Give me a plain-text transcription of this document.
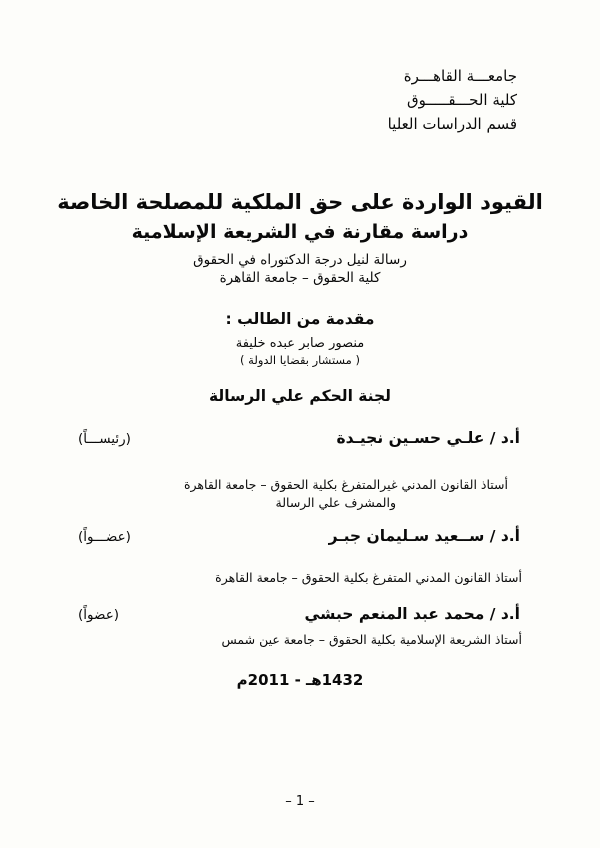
جامعـــة القاهـــرة
كلية الحـــقـــــوق
قسم الدراسات العليا
القيود الواردة على حق الملكية للمصلحة الخاصة
دراسة مقارنة في الشريعة الإسلامية
رسالة لنيل درجة الدكتوراه في الحقوق
كلية الحقوق – جامعة القاهرة
مقدمة من الطالب :
منصور صابر عبده خليفة
( مستشار بقضايا الدولة )
لجنة الحكم علي الرسالة
أ.د / علـي حسـين نجيـدة
(رئيســـاً)
أستاذ القانون المدني غيرالمتفرغ بكلية الحقوق – جامعة القاهرة
والمشرف علي الرسالة
أ.د / ســعيد سـليمان جبـر
(عضـــواً)
أستاذ القانون المدني المتفرغ بكلية الحقوق – جامعة القاهرة
أ.د / محمد عبد المنعم حبشي
(عضواً)
أستاذ الشريعة الإسلامية بكلية الحقوق – جامعة عين شمس
1432هـ - 2011م
– 1 –
